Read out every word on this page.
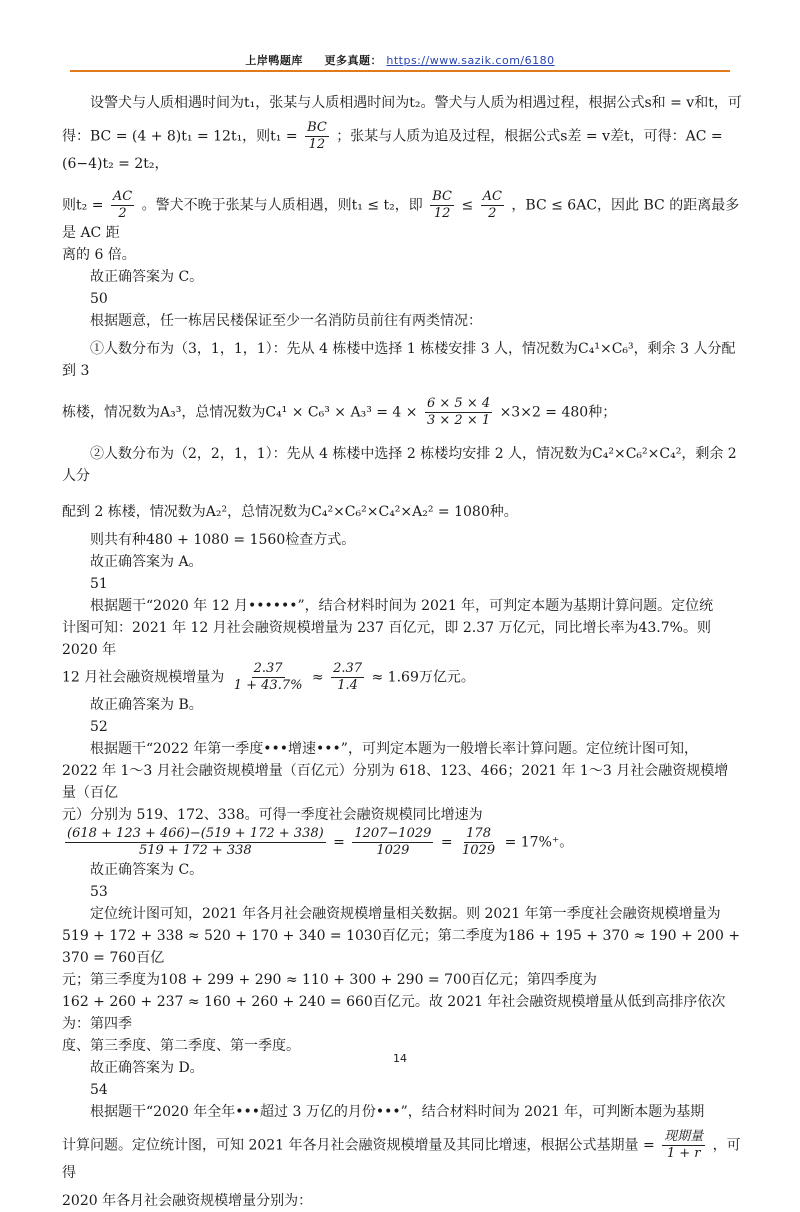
上岸鸭题库 更多真题： https://www.sazik.com/6180

设警犬与人质相遇时间为t₁，张某与人质相遇时间为t₂。警犬与人质为相遇过程，根据公式s和 = v和t，可

得：BC = (4 + 8)t₁ = 12t₁，则$t_1 = \frac{BC}{12}$ ；张某与人质为追及过程，根据公式s差 = v差t，可得：AC = (6−4)t₂ = 2t₂，

则$t_2 = \frac{AC}{2}$ 。警犬不晚于张某与人质相遇，则t₁ ≤ t₂，即 $\frac{BC}{12} \le \frac{AC}{2}$ ，BC ≤ 6AC，因此 BC 的距离最多是 AC 距

离的 6 倍。

故正确答案为 C。

50

根据题意，任一栋居民楼保证至少一名消防员前往有两类情况：

①人数分布为（3，1，1，1）：先从 4 栋楼中选择 1 栋楼安排 3 人，情况数为C₄¹×C₆³，剩余 3 人分配到 3

栋楼，情况数为A₃³，总情况数为$C_4^1 \times C_6^3 \times A_3^3 = 4 \times \frac{6 \times 5 \times 4}{3 \times 2 \times 1} \times 3\times 2 = 480$种；

②人数分布为（2，2，1，1）：先从 4 栋楼中选择 2 栋楼均安排 2 人，情况数为C₄²×C₆²×C₄²，剩余 2 人分

配到 2 栋楼，情况数为A₂²，总情况数为C₄²×C₆²×C₄²×A₂² = 1080种。

则共有种480 + 1080 = 1560检查方式。

故正确答案为 A。

51

根据题干“2020 年 12 月••••••”，结合材料时间为 2021 年，可判定本题为基期计算问题。定位统

计图可知：2021 年 12 月社会融资规模增量为 237 百亿元，即 2.37 万亿元，同比增长率为43.7%。则 2020 年

12 月社会融资规模增量为 $\frac{2.37}{1 + 43.7\%} \approx \frac{2.37}{1.4} \approx 1.69$万亿元。

故正确答案为 B。

52

根据题干“2022 年第一季度•••增速•••”，可判定本题为一般增长率计算问题。定位统计图可知，

2022 年 1～3 月社会融资规模增量（百亿元）分别为 618、123、466；2021 年 1～3 月社会融资规模增量（百亿

元）分别为 519、172、338。可得一季度社会融资规模同比增速为

$\frac{(618 + 123 + 466)-(519 + 172 + 338)}{519 + 172 + 338} = \frac{1207-1029}{1029} = \frac{178}{1029} = 17\%^+$。

故正确答案为 C。

53

定位统计图可知，2021 年各月社会融资规模增量相关数据。则 2021 年第一季度社会融资规模增量为

519 + 172 + 338 ≈ 520 + 170 + 340 = 1030百亿元；第二季度为186 + 195 + 370 ≈ 190 + 200 + 370 = 760百亿

元；第三季度为108 + 299 + 290 ≈ 110 + 300 + 290 = 700百亿元；第四季度为

162 + 260 + 237 ≈ 160 + 260 + 240 = 660百亿元。故 2021 年社会融资规模增量从低到高排序依次为：第四季

度、第三季度、第二季度、第一季度。

故正确答案为 D。

54

根据题干“2020 年全年•••超过 3 万亿的月份•••”，结合材料时间为 2021 年，可判断本题为基期

计算问题。定位统计图，可知 2021 年各月社会融资规模增量及其同比增速，根据公式基期量 = $\frac{\text{现期量}}{1 + r}$ ，可得

2020 年各月社会融资规模增量分别为：

14
